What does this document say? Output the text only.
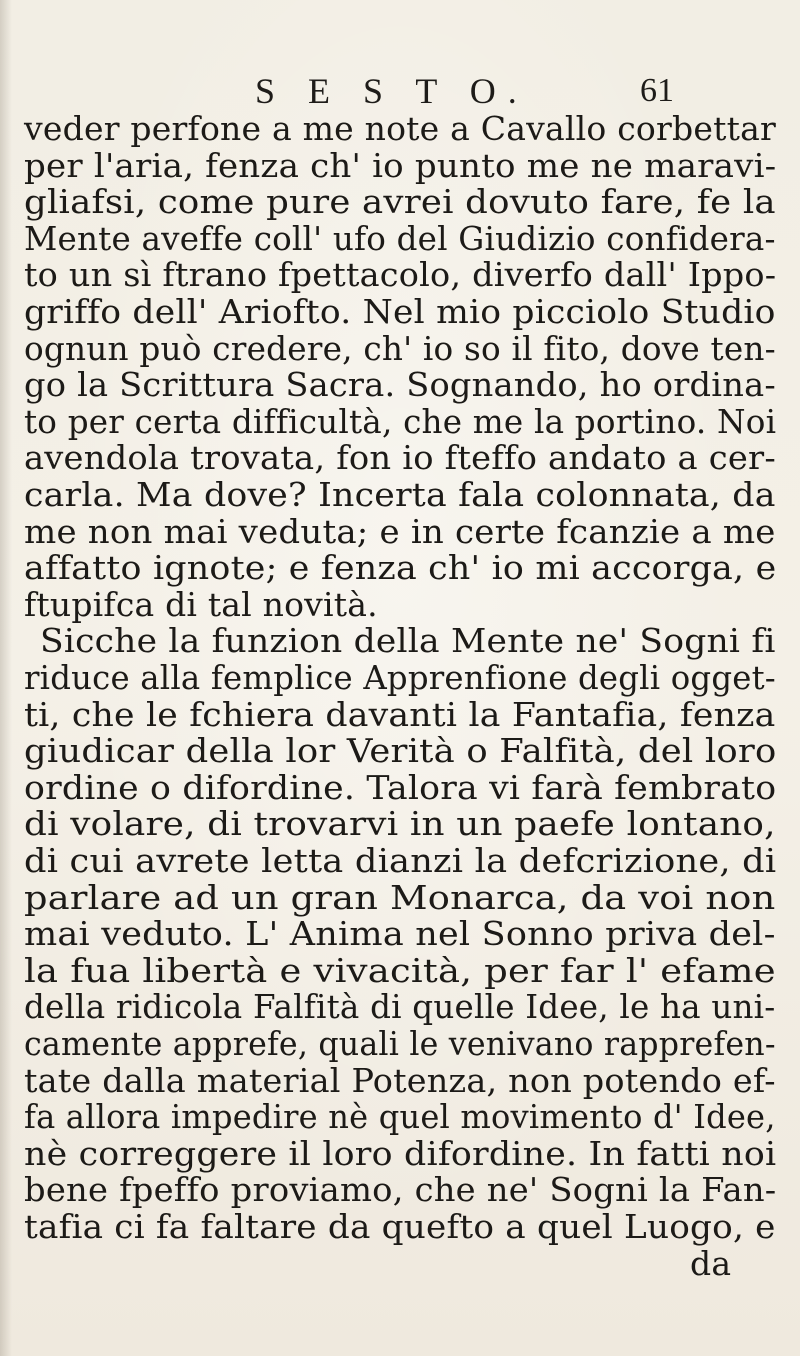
S E S T O.	61
veder perfone a me note a Cavallo corbettar
per l'aria, fenza ch' io punto me ne maravi-
gliafsi, come pure avrei dovuto fare, fe la
Mente aveffe coll' ufo del Giudizio confidera-
to un sì ftrano fpettacolo, diverfo dall' Ippo-
griffo dell' Ariofto. Nel mio picciolo Studio
ognun può credere, ch' io so il fito, dove ten-
go la Scrittura Sacra. Sognando, ho ordina-
to per certa difficultà, che me la portino. Noi
avendola trovata, fon io fteffo andato a cer-
carla. Ma dove? Incerta fala colonnata, da
me non mai veduta; e in certe fcanzie a me
affatto ignote; e fenza ch' io mi accorga, e
ftupifca di tal novità.
Sicche la funzion della Mente ne' Sogni fi
riduce alla femplice Apprenfione degli ogget-
ti, che le fchiera davanti la Fantafia, fenza
giudicar della lor Verità o Falfità, del loro
ordine o difordine. Talora vi farà fembrato
di volare, di trovarvi in un paefe lontano,
di cui avrete letta dianzi la defcrizione, di
parlare ad un gran Monarca, da voi non
mai veduto. L' Anima nel Sonno priva del-
la fua libertà e vivacità, per far l' efame
della ridicola Falfità di quelle Idee, le ha uni-
camente apprefe, quali le venivano rapprefen-
tate dalla material Potenza, non potendo ef-
fa allora impedire nè quel movimento d' Idee,
nè correggere il loro difordine. In fatti noi
bene fpeffo proviamo, che ne' Sogni la Fan-
tafia ci fa faltare da quefto a quel Luogo, e
da
